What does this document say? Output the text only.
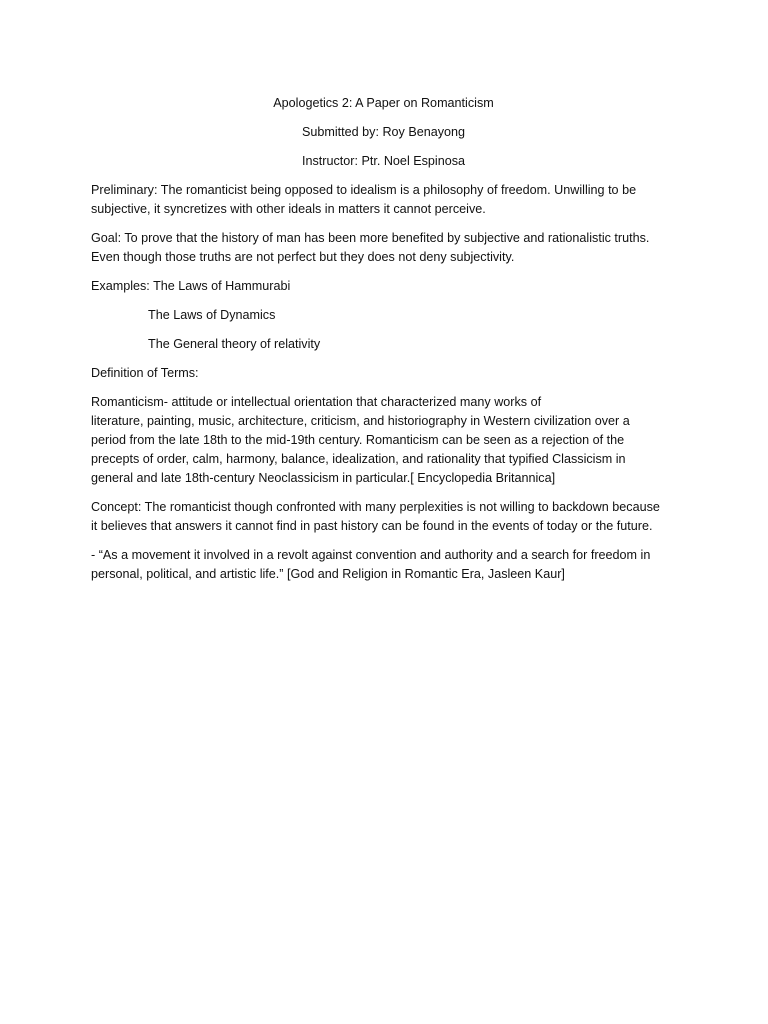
Apologetics 2: A Paper on Romanticism
Submitted by: Roy Benayong
Instructor: Ptr. Noel Espinosa
Preliminary: The romanticist being opposed to idealism is a philosophy of freedom. Unwilling to be
subjective, it syncretizes with other ideals in matters it cannot perceive.
Goal: To prove that the history of man has been more benefited by subjective and rationalistic truths.
Even though those truths are not perfect but they does not deny subjectivity.
Examples: The Laws of Hammurabi
The Laws of Dynamics
The General theory of relativity
Definition of Terms:
Romanticism- attitude or intellectual orientation that characterized many works of
literature, painting, music, architecture, criticism, and historiography in Western civilization over a
period from the late 18th to the mid-19th century. Romanticism can be seen as a rejection of the
precepts of order, calm, harmony, balance, idealization, and rationality that typified Classicism in
general and late 18th-century Neoclassicism in particular.[ Encyclopedia Britannica]
Concept: The romanticist though confronted with many perplexities is not willing to backdown because
it believes that answers it cannot find in past history can be found in the events of today or the future.
- “As a movement it involved in a revolt against convention and authority and a search for freedom in
personal, political, and artistic life.” [God and Religion in Romantic Era, Jasleen Kaur]
